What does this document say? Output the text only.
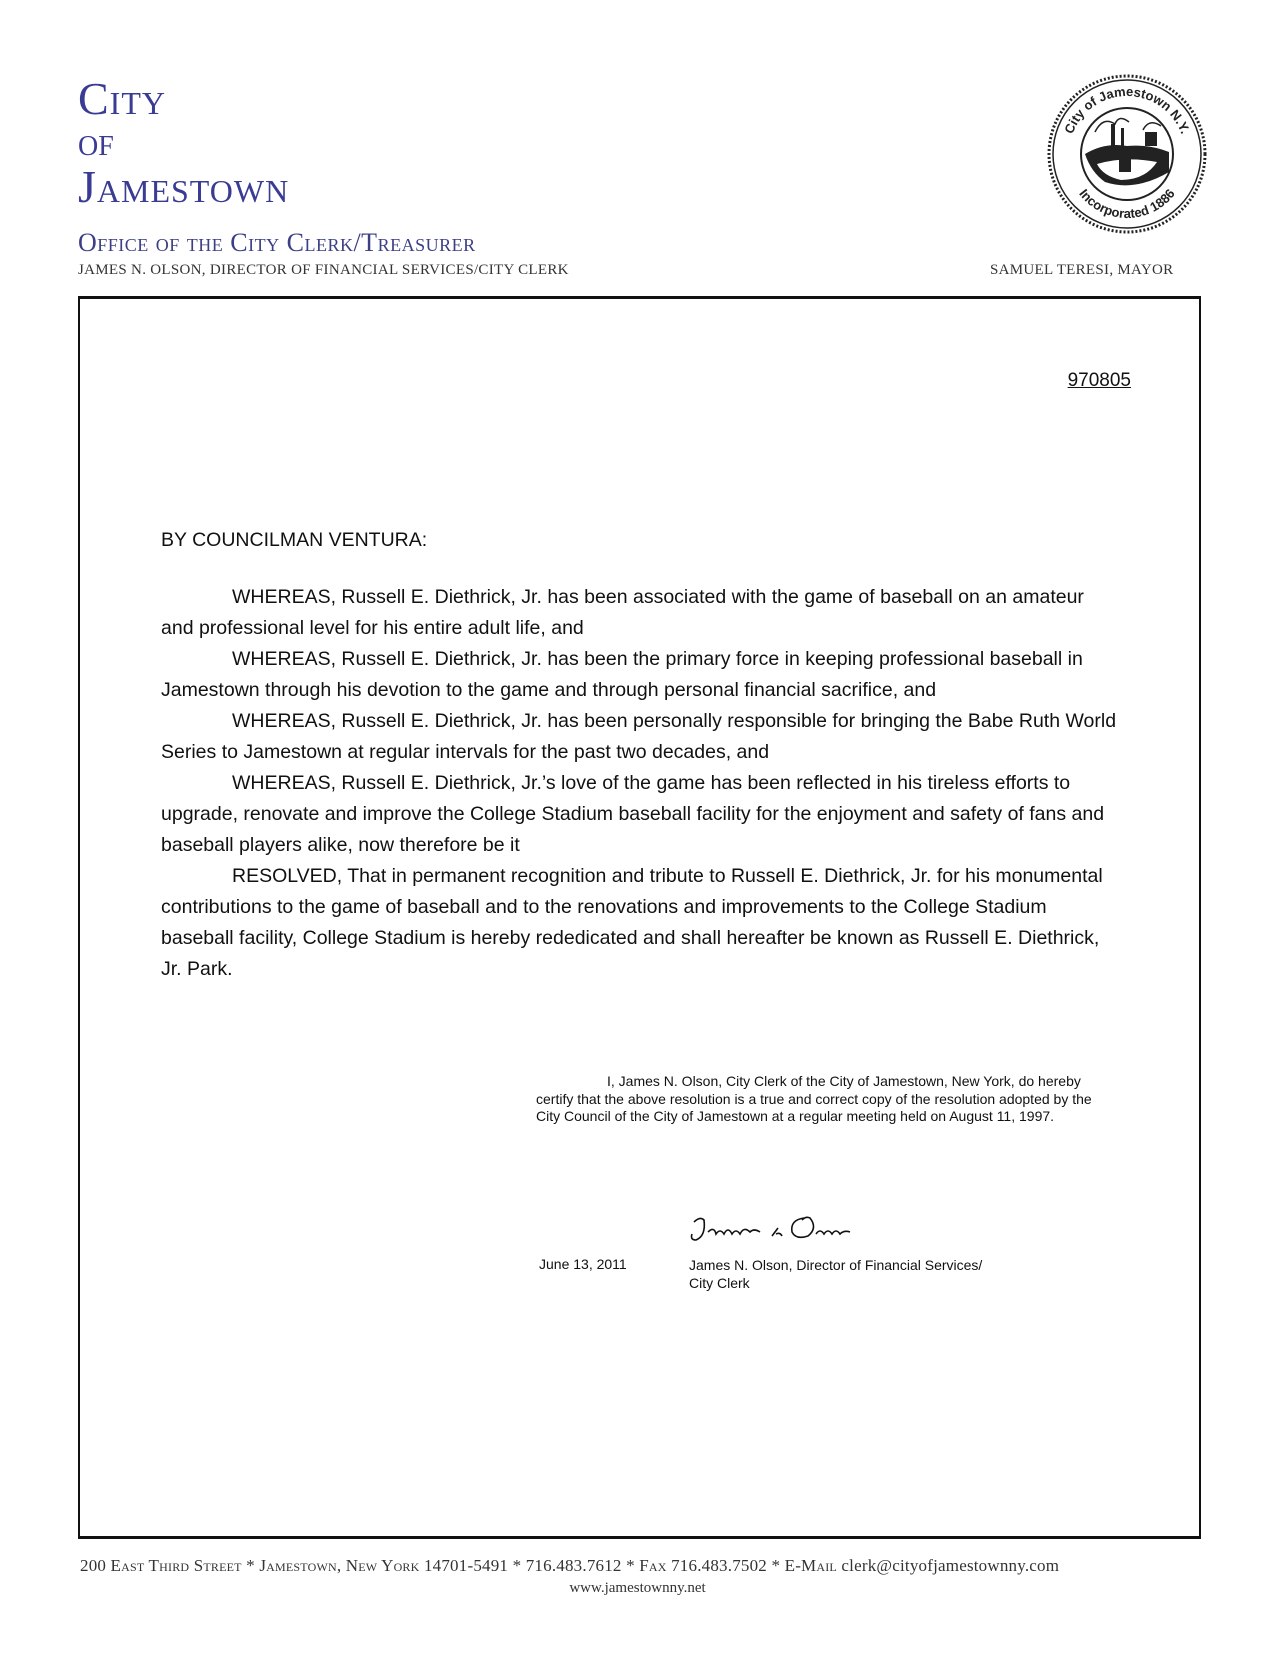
City
of
Jamestown
Office of the City Clerk/Treasurer
JAMES N. OLSON, DIRECTOR OF FINANCIAL SERVICES/CITY CLERK	SAMUEL TERESI, MAYOR
City of Jamestown N.Y.
Incorporated 1886
970805
BY COUNCILMAN VENTURA:

WHEREAS, Russell E. Diethrick, Jr. has been associated with the game of baseball on an amateur and professional level for his entire adult life, and

WHEREAS, Russell E. Diethrick, Jr. has been the primary force in keeping professional baseball in Jamestown through his devotion to the game and through personal financial sacrifice, and

WHEREAS, Russell E. Diethrick, Jr. has been personally responsible for bringing the Babe Ruth World Series to Jamestown at regular intervals for the past two decades, and

WHEREAS, Russell E. Diethrick, Jr.’s love of the game has been reflected in his tireless efforts to upgrade, renovate and improve the College Stadium baseball facility for the enjoyment and safety of fans and baseball players alike, now therefore be it

RESOLVED, That in permanent recognition and tribute to Russell E. Diethrick, Jr. for his monumental contributions to the game of baseball and to the renovations and improvements to the College Stadium baseball facility, College Stadium is hereby rededicated and shall hereafter be known as Russell E. Diethrick, Jr. Park.

I, James N. Olson, City Clerk of the City of Jamestown, New York, do hereby certify that the above resolution is a true and correct copy of the resolution adopted by the City Council of the City of Jamestown at a regular meeting held on August 11, 1997.

June 13, 2011	James N. Olson, Director of Financial Services/
City Clerk
200 East Third Street * Jamestown, New York 14701-5491 * 716.483.7612 * Fax 716.483.7502 * E-Mail clerk@cityofjamestownny.com
www.jamestownny.net
